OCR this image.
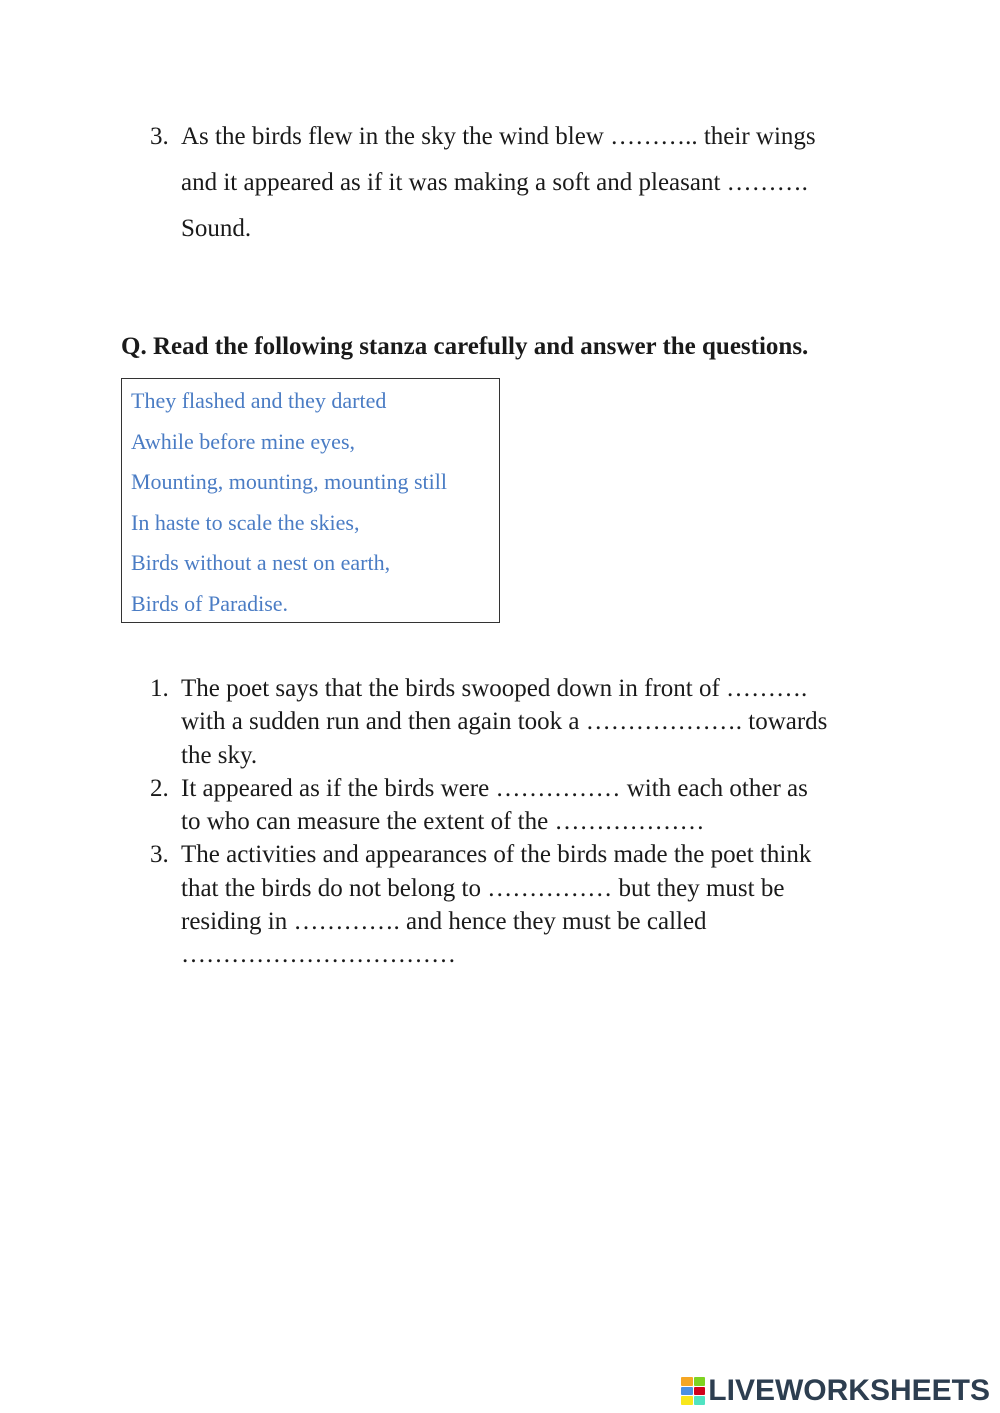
3. As the birds flew in the sky the wind blew ……….. their wings
and it appeared as if it was making a soft and pleasant ……….
Sound.
Q. Read the following stanza carefully and answer the questions.
They flashed and they darted
Awhile before mine eyes,
Mounting, mounting, mounting still
In haste to scale the skies,
Birds without a nest on earth,
Birds of Paradise.
1. The poet says that the birds swooped down in front of ……….
with a sudden run and then again took a ………………. towards
the sky.
2. It appeared as if the birds were …………… with each other as
to who can measure the extent of the ………………
3. The activities and appearances of the birds made the poet think
that the birds do not belong to …………… but they must be
residing in …………. and hence they must be called
……………………………
LIVEWORKSHEETS
